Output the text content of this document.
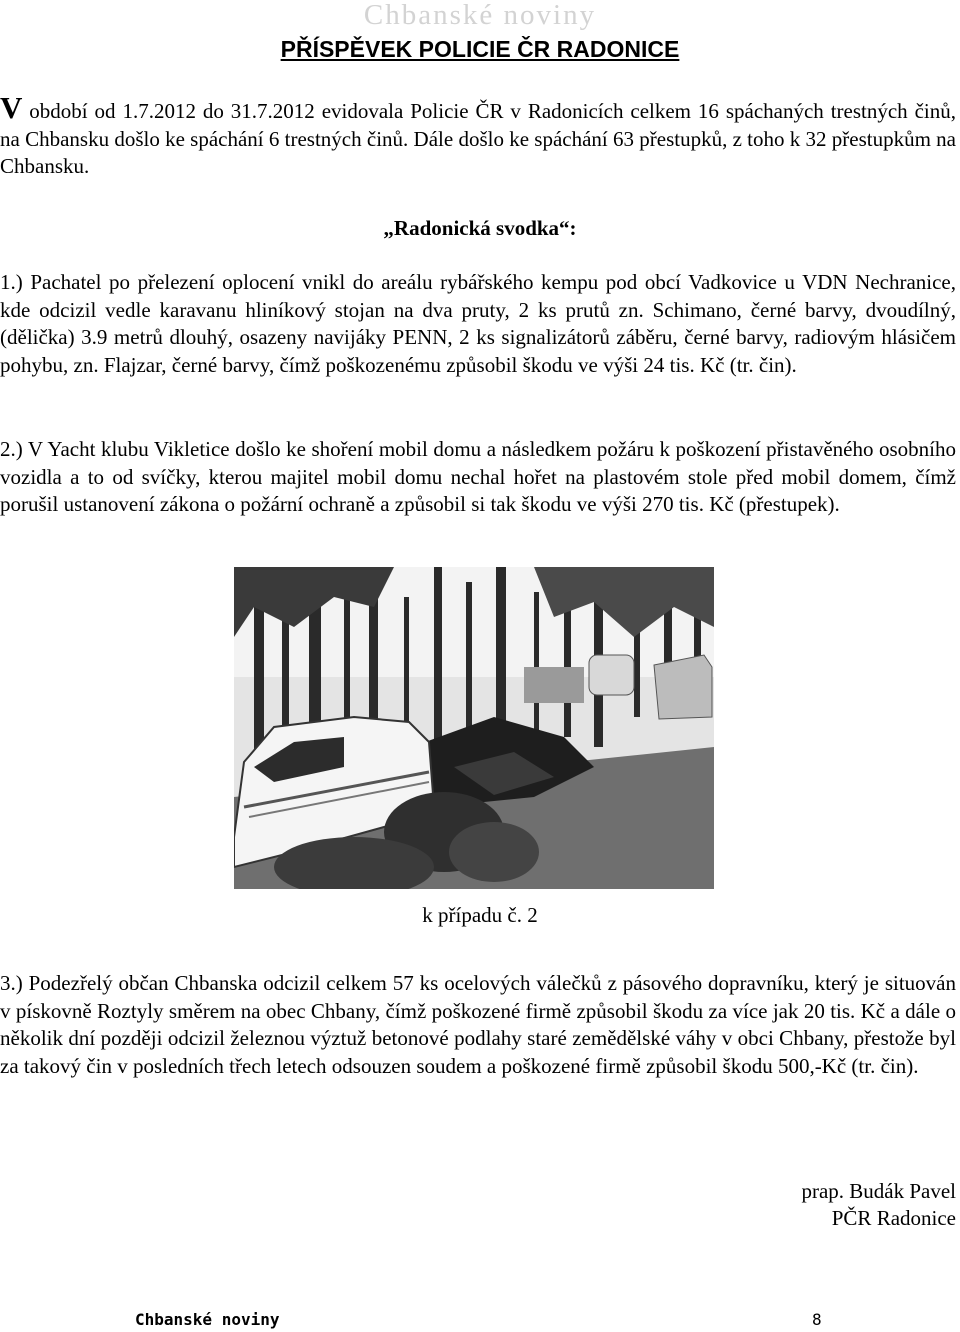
Chbanské noviny
PŘÍSPĚVEK POLICIE ČR RADONICE

V období od 1.7.2012 do 31.7.2012 evidovala Policie ČR v Radonicích celkem 16 spáchaných trestných činů, na Chbansku došlo ke spáchání 6 trestných činů. Dále došlo ke spáchání 63 přestupků, z toho k 32 přestupkům na Chbansku.

„Radonická svodka“:

1.) Pachatel po přelezení oplocení vnikl do areálu rybářského kempu pod obcí Vadkovice u VDN Nechranice, kde odcizil vedle karavanu hliníkový stojan na dva pruty, 2 ks prutů zn. Schimano, černé barvy, dvoudílný, (dělička) 3.9 metrů dlouhý, osazeny navijáky PENN, 2 ks signalizátorů záběru, černé barvy, radiovým hlásičem pohybu, zn. Flajzar, černé barvy, čímž poškozenému způsobil škodu ve výši 24 tis. Kč (tr. čin).

2.) V Yacht klubu Vikletice došlo ke shoření mobil domu a následkem požáru k poškození přistavěného osobního vozidla a to od svíčky, kterou majitel mobil domu nechal hořet na plastovém stole před mobil domem, čímž porušil ustanovení zákona o požární ochraně a způsobil si tak škodu ve výši 270 tis. Kč (přestupek).

k případu č. 2

3.) Podezřelý občan Chbanska odcizil celkem 57 ks ocelových válečků z pásového dopravníku, který je situován v pískovně Roztyly směrem na obec Chbany, čímž poškozené firmě způsobil škodu za více jak 20 tis. Kč a dále o několik dní později odcizil železnou výztuž betonové podlahy staré zemědělské váhy v obci Chbany, přestože byl za takový čin v posledních třech letech odsouzen soudem a poškozené firmě způsobil škodu 500,-Kč (tr. čin).

prap. Budák Pavel
PČR Radonice
Chbanské noviny	8
